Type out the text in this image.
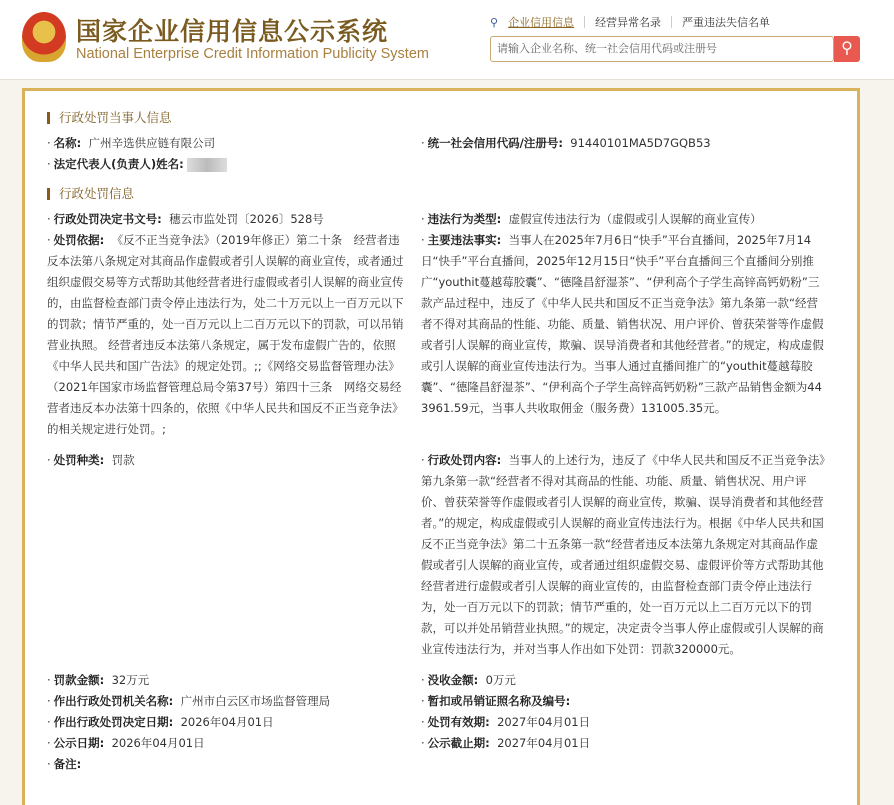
国家企业信用信息公示系统
National Enterprise Credit Information Publicity System
⚲ 企业信用信息 经营异常名录 严重违法失信名单
请输入企业名称、统一社会信用代码或注册号	⚲
行政处罚当事人信息
· 名称: 广州辛选供应链有限公司	· 统一社会信用代码/注册号: 91440101MA5D7GQB53
· 法定代表人(负责人)姓名:
行政处罚信息
· 行政处罚决定书文号: 穗云市监处罚〔2026〕528号	· 违法行为类型: 虚假宣传违法行为（虚假或引人误解的商业宣传）
· 处罚依据: 《反不正当竞争法》（2019年修正）第二十条　经营者违反本法第八条规定对其商品作虚假或者引人误解的商业宣传，或者通过组织虚假交易等方式帮助其他经营者进行虚假或者引人误解的商业宣传的，由监督检查部门责令停止违法行为，处二十万元以上一百万元以下的罚款；情节严重的，处一百万元以上二百万元以下的罚款，可以吊销营业执照。 经营者违反本法第八条规定，属于发布虚假广告的，依照《中华人民共和国广告法》的规定处罚。;;《网络交易监督管理办法》（2021年国家市场监督管理总局令第37号）第四十三条　网络交易经营者违反本办法第十四条的，依照《中华人民共和国反不正当竞争法》的相关规定进行处罚。;
· 主要违法事实: 当事人在2025年7月6日“快手”平台直播间，2025年7月14日“快手”平台直播间，2025年12月15日“快手”平台直播间三个直播间分别推广“youthit蔓越莓胶囊”、“德隆昌舒湿茶”、“伊利高个子学生高锌高钙奶粉”三款产品过程中，违反了《中华人民共和国反不正当竞争法》第九条第一款“经营者不得对其商品的性能、功能、质量、销售状况、用户评价、曾获荣誉等作虚假或者引人误解的商业宣传，欺骗、误导消费者和其他经营者。”的规定，构成虚假或引人误解的商业宣传违法行为。当事人通过直播间推广的“youthit蔓越莓胶囊”、“德隆昌舒湿茶”、“伊利高个子学生高锌高钙奶粉”三款产品销售金额为443961.59元，当事人共收取佣金（服务费）131005.35元。
· 处罚种类: 罚款	· 行政处罚内容: 当事人的上述行为，违反了《中华人民共和国反不正当竞争法》第九条第一款“经营者不得对其商品的性能、功能、质量、销售状况、用户评价、曾获荣誉等作虚假或者引人误解的商业宣传，欺骗、误导消费者和其他经营者。”的规定，构成虚假或引人误解的商业宣传违法行为。根据《中华人民共和国反不正当竞争法》第二十五条第一款“经营者违反本法第九条规定对其商品作虚假或者引人误解的商业宣传，或者通过组织虚假交易、虚假评价等方式帮助其他经营者进行虚假或者引人误解的商业宣传的，由监督检查部门责令停止违法行为，处一百万元以下的罚款；情节严重的，处一百万元以上二百万元以下的罚款，可以并处吊销营业执照。”的规定，决定责令当事人停止虚假或引人误解的商业宣传违法行为，并对当事人作出如下处罚：罚款320000元。
· 罚款金额: 32万元	· 没收金额: 0万元
· 作出行政处罚机关名称: 广州市白云区市场监督管理局	· 暂扣或吊销证照名称及编号:
· 作出行政处罚决定日期: 2026年04月01日	· 处罚有效期: 2027年04月01日
· 公示日期: 2026年04月01日	· 公示截止期: 2027年04月01日
· 备注:
